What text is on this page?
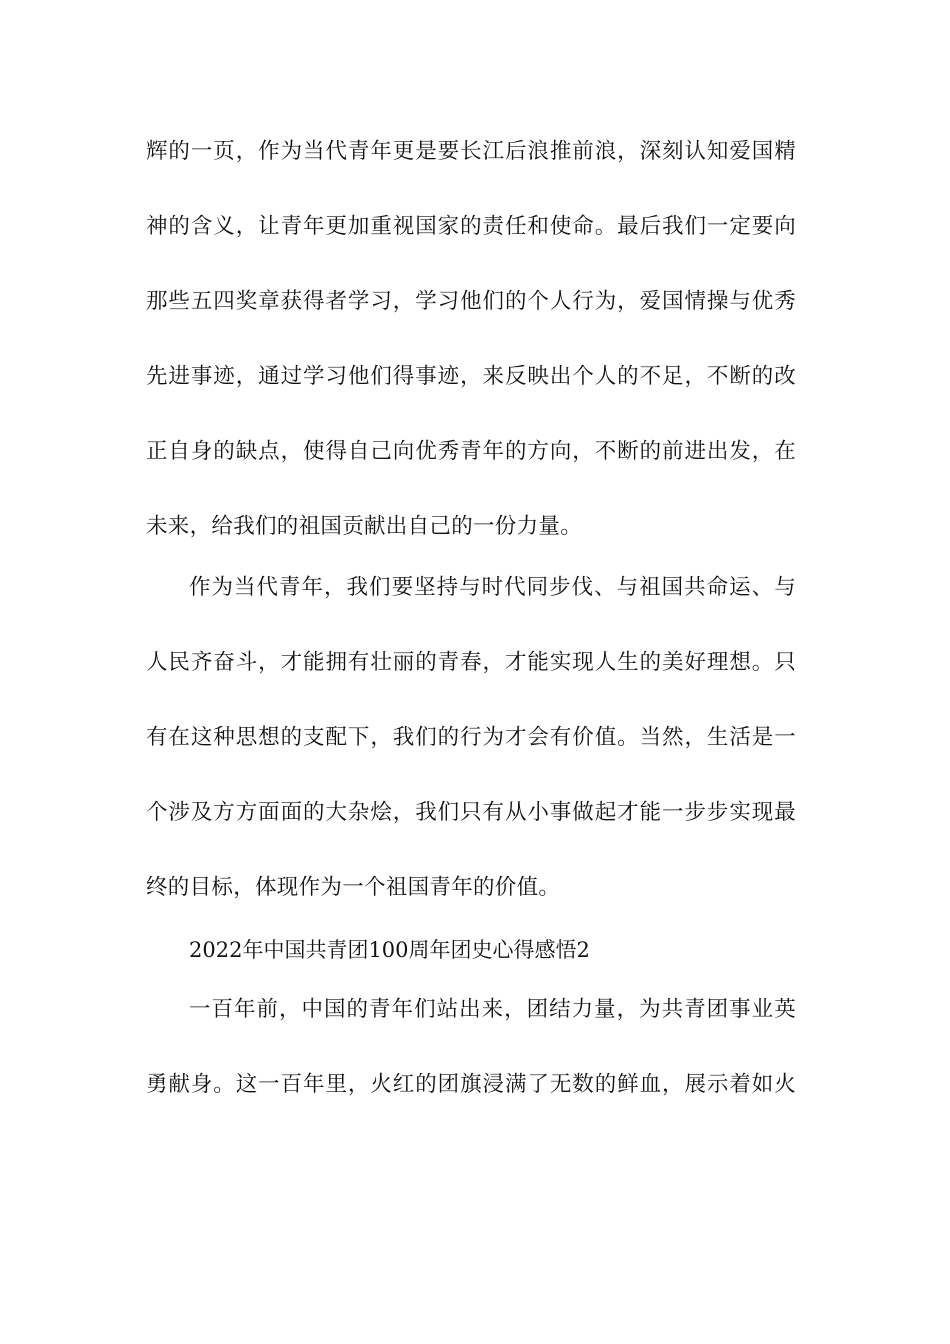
辉的一页，作为当代青年更是要长江后浪推前浪，深刻认知爱国精
神的含义，让青年更加重视国家的责任和使命。最后我们一定要向
那些五四奖章获得者学习，学习他们的个人行为，爱国情操与优秀
先进事迹，通过学习他们得事迹，来反映出个人的不足，不断的改
正自身的缺点，使得自己向优秀青年的方向，不断的前进出发，在
未来，给我们的祖国贡献出自己的一份力量。
作为当代青年，我们要坚持与时代同步伐、与祖国共命运、与
人民齐奋斗，才能拥有壮丽的青春，才能实现人生的美好理想。只
有在这种思想的支配下，我们的行为才会有价值。当然，生活是一
个涉及方方面面的大杂烩，我们只有从小事做起才能一步步实现最
终的目标，体现作为一个祖国青年的价值。
2022年中国共青团100周年团史心得感悟2
一百年前，中国的青年们站出来，团结力量，为共青团事业英
勇献身。这一百年里，火红的团旗浸满了无数的鲜血，展示着如火
